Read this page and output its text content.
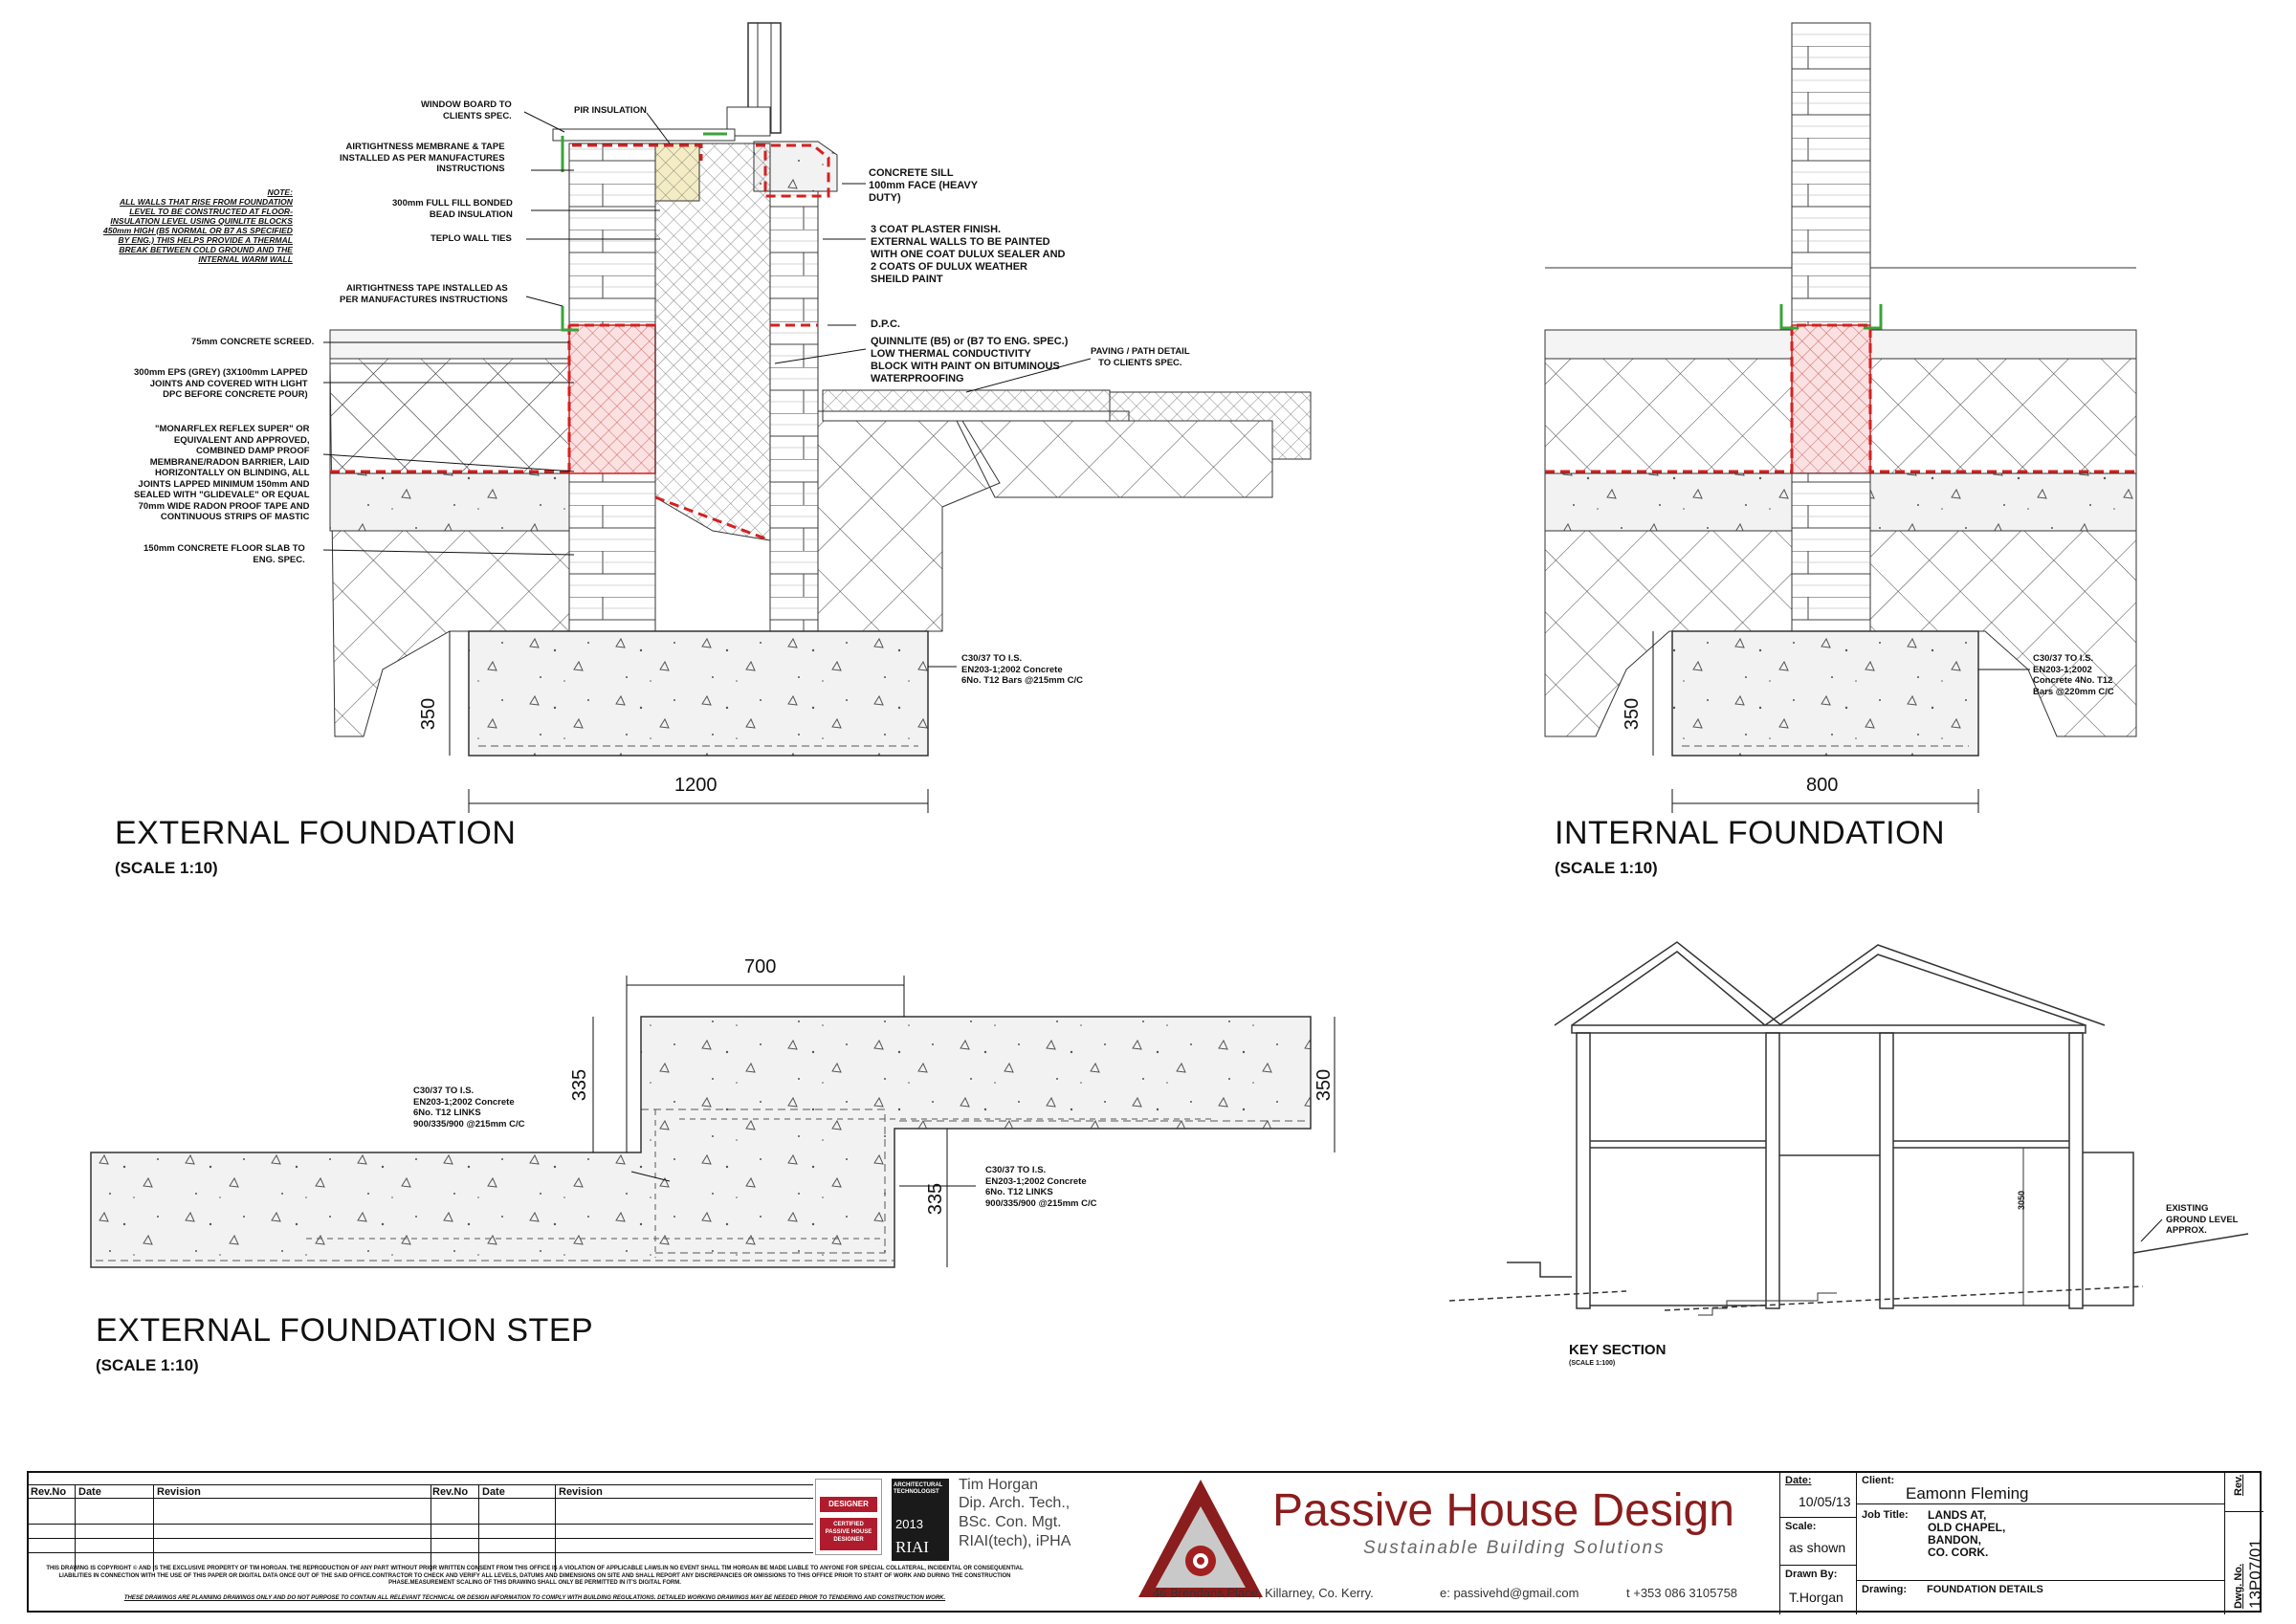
NOTE:
ALL WALLS THAT RISE FROM FOUNDATION
LEVEL TO BE CONSTRUCTED AT FLOOR-
INSULATION LEVEL USING QUINLITE BLOCKS
450mm HIGH (B5 NORMAL OR B7 AS SPECIFIED
BY ENG.) THIS HELPS PROVIDE A THERMAL
BREAK BETWEEN COLD GROUND AND THE
INTERNAL WARM WALL
WINDOW BOARD TO
CLIENTS SPEC.	PIR INSULATION
AIRTIGHTNESS MEMBRANE & TAPE
INSTALLED AS PER MANUFACTURES
INSTRUCTIONS
300mm FULL FILL BONDED
BEAD INSULATION
TEPLO WALL TIES
AIRTIGHTNESS TAPE INSTALLED AS
PER MANUFACTURES INSTRUCTIONS
75mm CONCRETE SCREED.
300mm EPS (GREY) (3X100mm LAPPED
JOINTS AND COVERED WITH LIGHT
DPC BEFORE CONCRETE POUR)
"MONARFLEX REFLEX SUPER" OR
EQUIVALENT AND APPROVED,
COMBINED DAMP PROOF
MEMBRANE/RADON BARRIER, LAID
HORIZONTALLY ON BLINDING, ALL
JOINTS LAPPED MINIMUM 150mm AND
SEALED WITH "GLIDEVALE" OR EQUAL
70mm WIDE RADON PROOF TAPE AND
CONTINUOUS STRIPS OF MASTIC
150mm CONCRETE FLOOR SLAB TO
ENG. SPEC.
CONCRETE SILL
100mm FACE (HEAVY
DUTY)
3 COAT PLASTER FINISH.
EXTERNAL WALLS TO BE PAINTED
WITH ONE COAT DULUX SEALER AND
2 COATS OF DULUX WEATHER
SHEILD PAINT
D.P.C.
QUINNLITE (B5) or (B7 TO ENG. SPEC.)
LOW THERMAL CONDUCTIVITY
BLOCK WITH PAINT ON BITUMINOUS
WATERPROOFING
PAVING / PATH DETAIL
TO CLIENTS SPEC.
C30/37 TO I.S.
EN203-1;2002 Concrete
6No. T12 Bars @215mm C/C
C30/37 TO I.S.
EN203-1;2002
Concrete 4No. T12
Bars @220mm C/C
C30/37 TO I.S.
EN203-1;2002 Concrete
6No. T12 LINKS
900/335/900 @215mm C/C
C30/37 TO I.S.
EN203-1;2002 Concrete
6No. T12 LINKS
900/335/900 @215mm C/C
1200
350
800
350
700
335	350
335	3050	EXISTING
GROUND LEVEL
APPROX.
EXTERNAL FOUNDATION
(SCALE 1:10)
INTERNAL FOUNDATION
(SCALE 1:10)
EXTERNAL FOUNDATION STEP
(SCALE 1:10)
KEY SECTION
(SCALE 1:100)
Rev.No Date	Revision	Rev.No Date	Revision
THIS DRAWING IS COPYRIGHT © AND IS THE EXCLUSIVE PROPERTY OF TIM HORGAN. THE REPRODUCTION OF ANY PART WITHOUT PRIOR WRITTEN CONSENT FROM THIS OFFICE IS A VIOLATION OF APPLICABLE LAWS.IN NO EVENT SHALL TIM HORGAN BE MADE LIABLE TO ANYONE FOR SPECIAL COLLATERAL, INCIDENTAL OR CONSEQUENTIAL LIABILITIES IN CONNECTION WITH THE USE OF THIS PAPER OR DIGITAL DATA ONCE OUT OF THE SAID OFFICE.CONTRACTOR TO CHECK AND VERIFY ALL LEVELS, DATUMS AND DIMENSIONS ON SITE AND SHALL REPORT ANY DISCREPANCIES OR OMISSIONS TO THIS OFFICE PRIOR TO START OF WORK AND DURING THE CONSTRUCTION PHASE.MEASUREMENT SCALING OF THIS DRAWING SHALL ONLY BE PERMITTED IN IT'S DIGITAL FORM.
THESE DRAWINGS ARE PLANNING DRAWINGS ONLY AND DO NOT PURPOSE TO CONTAIN ALL RELEVANT TECHNICAL OR DESIGN INFORMATION TO COMPLY WITH BUILDING REGULATIONS. DETAILED WORKING DRAWINGS MAY BE NEEDED PRIOR TO TENDERING AND CONSTRUCTION WORK.
DESIGNER
CERTIFIED
PASSIVE HOUSE
DESIGNER
ARCHITECTURAL
TECHNOLOGIST
2013
RIAI
Tim Horgan
Dip. Arch. Tech.,
BSc. Con. Mgt.
RIAI(tech), iPHA
Passive House Design
Sustainable Building Solutions
46 Brendans Place, Killarney, Co. Kerry.	e: passivehd@gmail.com	t +353 086 3105758
Date:
10/05/13
Scale:
as shown
Drawn By:
T.Horgan
Client:
Eamonn Fleming
Job Title: LANDS AT,
OLD CHAPEL,
BANDON,
CO. CORK.
Drawing: FOUNDATION DETAILS
Rev.
Dwg. No. 13P07/01
